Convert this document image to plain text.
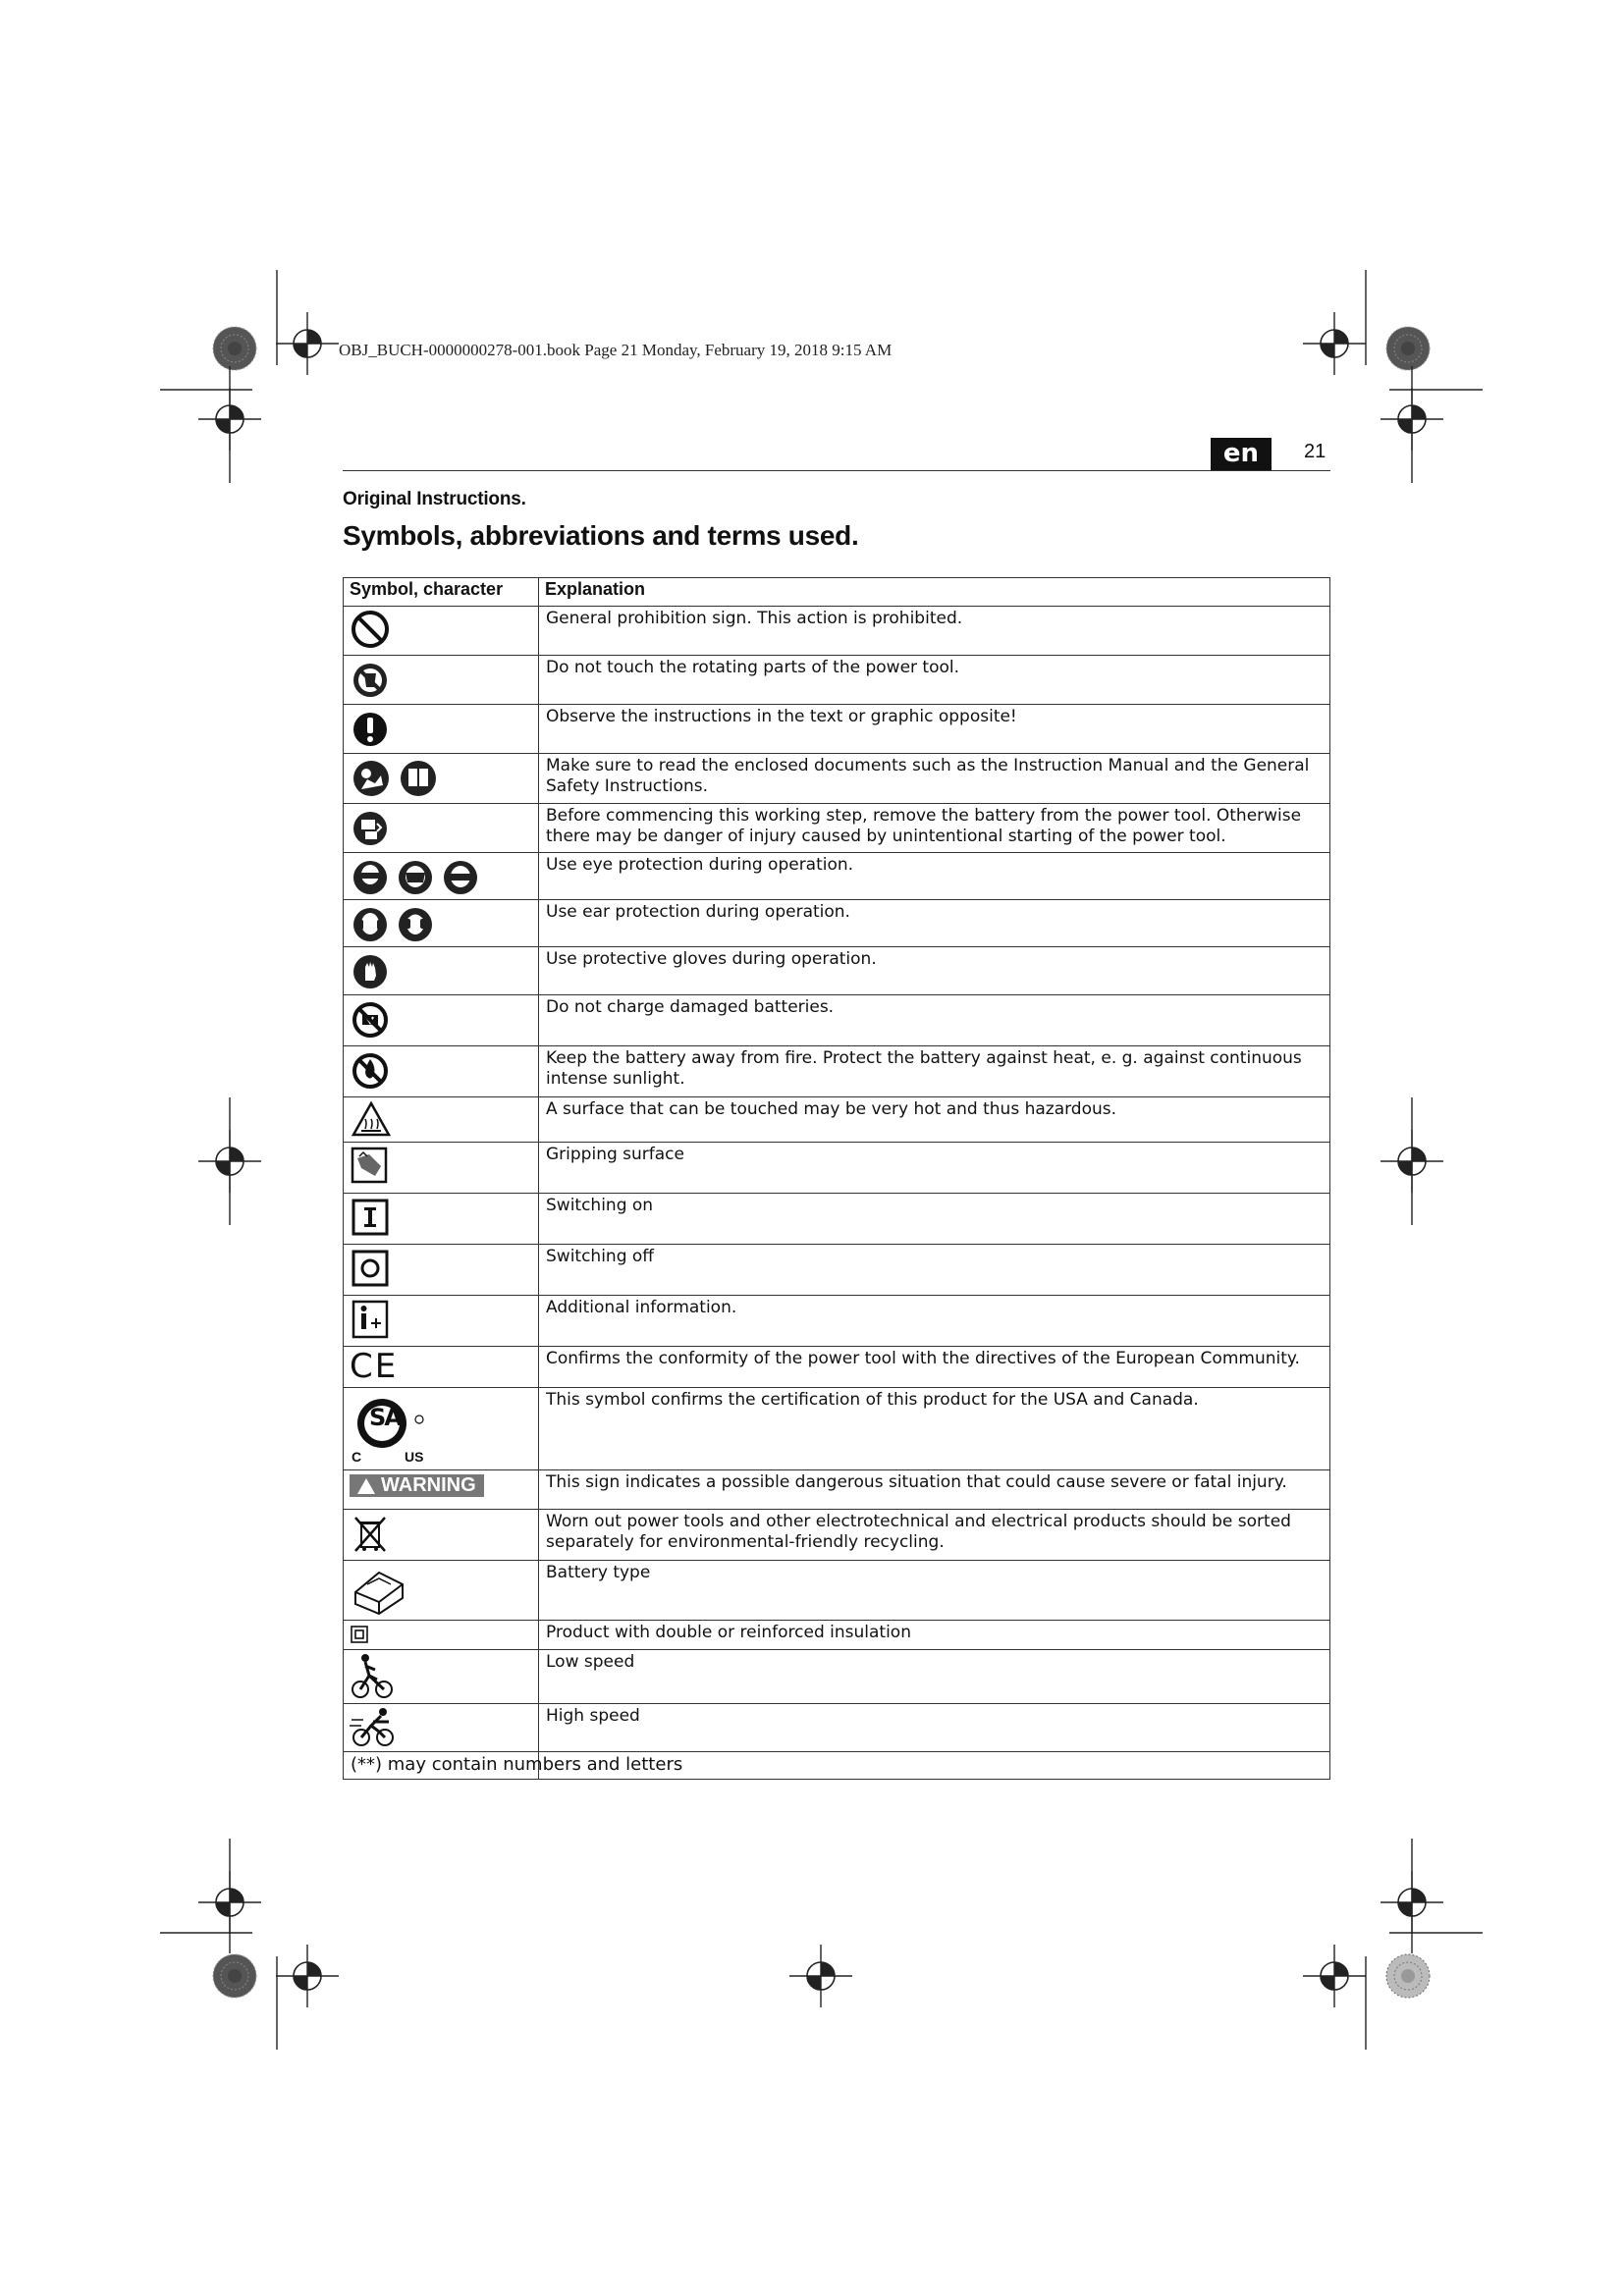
OBJ_BUCH-0000000278-001.book Page 21 Monday, February 19, 2018 9:15 AM
en	21
Original Instructions.
Symbols, abbreviations and terms used.
Symbol, character	Explanation

	General prohibition sign. This action is prohibited.

	Do not touch the rotating parts of the power tool.

	Observe the instructions in the text or graphic opposite!

	Make sure to read the enclosed documents such as the Instruction Manual and the General Safety Instructions.

	Before commencing this working step, remove the battery from the power tool. Otherwise there may be danger of injury caused by unintentional starting of the power tool.

	Use eye protection during operation.

	Use ear protection during operation.

	Use protective gloves during operation.

	Do not charge damaged batteries.

	Keep the battery away from fire. Protect the battery against heat, e. g. against continuous intense sunlight.

	A surface that can be touched may be very hot and thus hazardous.

	Gripping surface

	Switching on

	Switching off

	Additional information.

CE	Confirms the conformity of the power tool with the directives of the European Community.

SA
C US	This symbol confirms the certification of this product for the USA and Canada.

WARNING	This sign indicates a possible dangerous situation that could cause severe or fatal injury.

	Worn out power tools and other electrotechnical and electrical products should be sorted separately for environmental-friendly recycling.

	Battery type

	Product with double or reinforced insulation

	Low speed

	High speed
(**) may contain numbers and letters	
